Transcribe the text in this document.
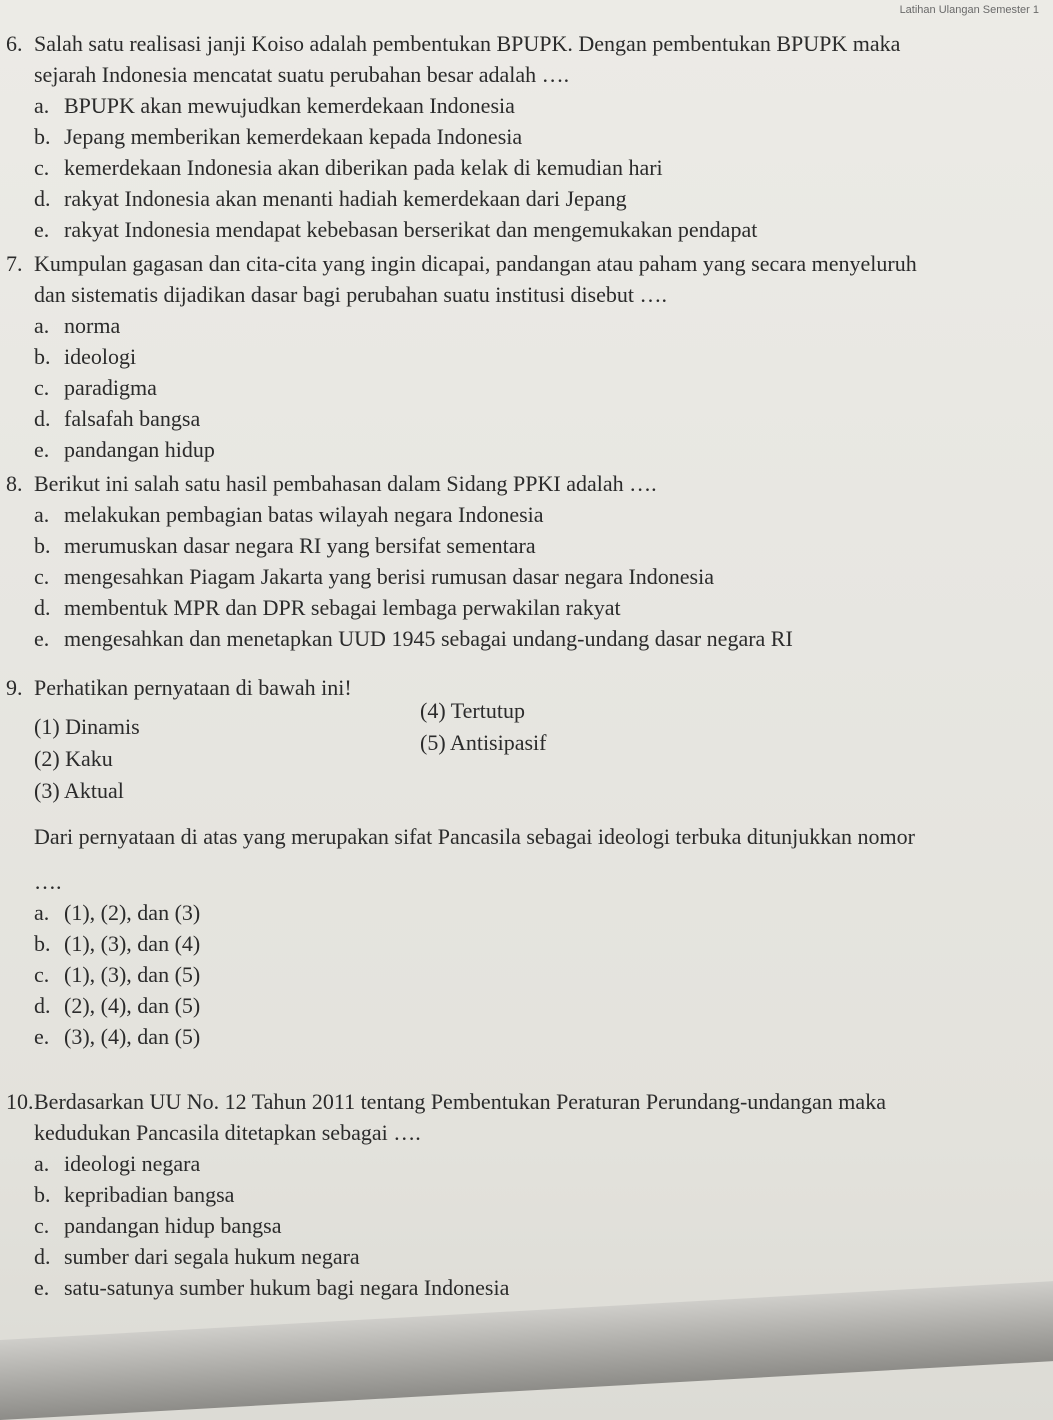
Latihan Ulangan Semester 1
6. Salah satu realisasi janji Koiso adalah pembentukan BPUPK. Dengan pembentukan BPUPK maka
sejarah Indonesia mencatat suatu perubahan besar adalah ….
a. BPUPK akan mewujudkan kemerdekaan Indonesia
b. Jepang memberikan kemerdekaan kepada Indonesia
c. kemerdekaan Indonesia akan diberikan pada kelak di kemudian hari
d. rakyat Indonesia akan menanti hadiah kemerdekaan dari Jepang
e. rakyat Indonesia mendapat kebebasan berserikat dan mengemukakan pendapat
7. Kumpulan gagasan dan cita-cita yang ingin dicapai, pandangan atau paham yang secara menyeluruh
dan sistematis dijadikan dasar bagi perubahan suatu institusi disebut ….
a. norma
b. ideologi
c. paradigma
d. falsafah bangsa
e. pandangan hidup
8. Berikut ini salah satu hasil pembahasan dalam Sidang PPKI adalah ….
a. melakukan pembagian batas wilayah negara Indonesia
b. merumuskan dasar negara RI yang bersifat sementara
c. mengesahkan Piagam Jakarta yang berisi rumusan dasar negara Indonesia
d. membentuk MPR dan DPR sebagai lembaga perwakilan rakyat
e. mengesahkan dan menetapkan UUD 1945 sebagai undang-undang dasar negara RI
9. Perhatikan pernyataan di bawah ini!
(1) Dinamis
(2) Kaku
(3) Aktual
(4) Tertutup
(5) Antisipasif
Dari pernyataan di atas yang merupakan sifat Pancasila sebagai ideologi terbuka ditunjukkan nomor
….
a. (1), (2), dan (3)
b. (1), (3), dan (4)
c. (1), (3), dan (5)
d. (2), (4), dan (5)
e. (3), (4), dan (5)
10.Berdasarkan UU No. 12 Tahun 2011 tentang Pembentukan Peraturan Perundang-undangan maka
kedudukan Pancasila ditetapkan sebagai ….
a. ideologi negara
b. kepribadian bangsa
c. pandangan hidup bangsa
d. sumber dari segala hukum negara
e. satu-satunya sumber hukum bagi negara Indonesia
